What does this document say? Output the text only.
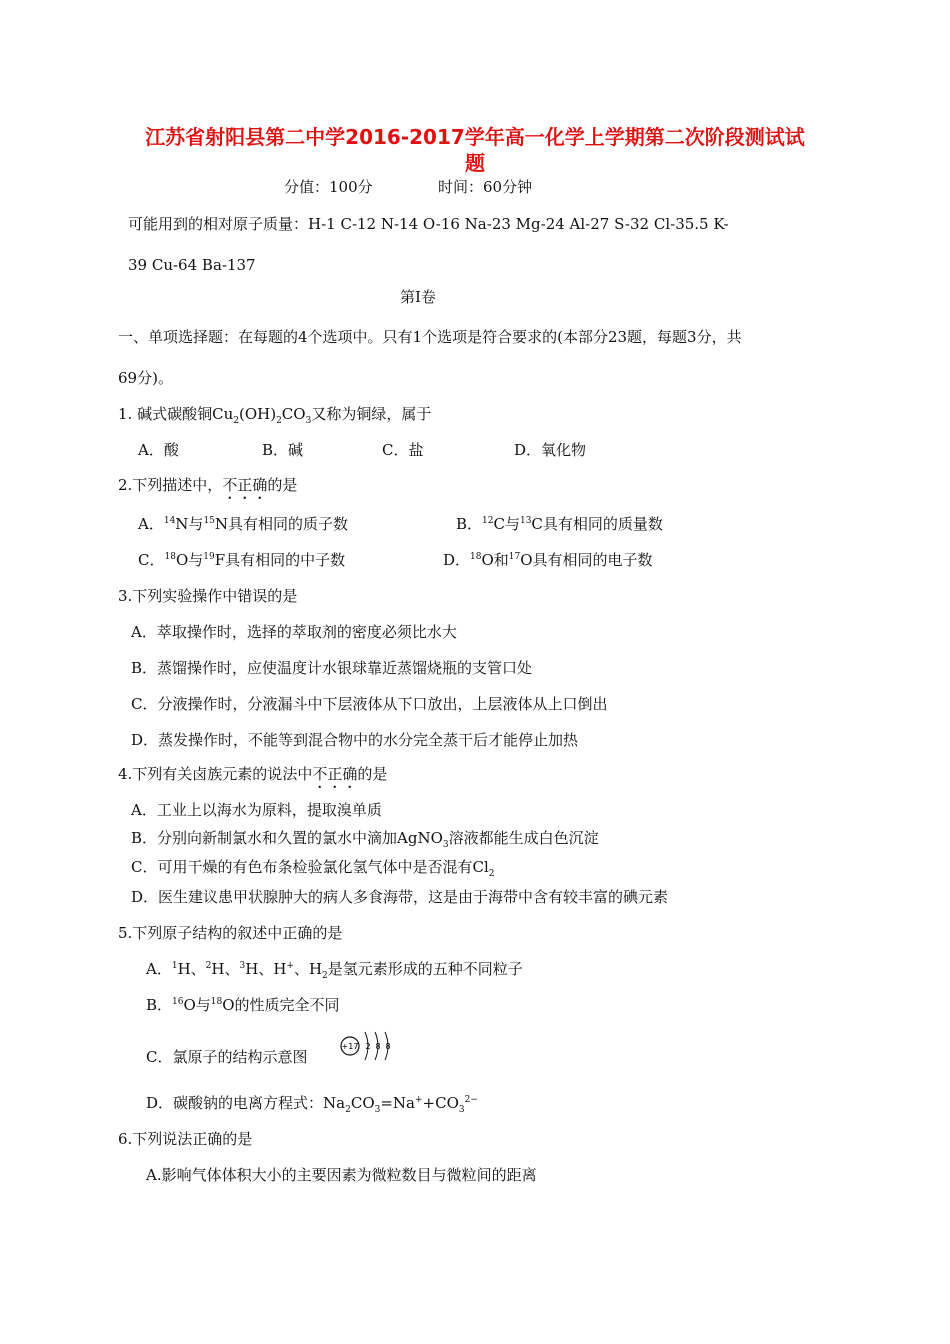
江苏省射阳县第二中学2016-2017学年高一化学上学期第二次阶段测试试
题
分值：100分	时间：60分钟
可能用到的相对原子质量：H-1 C-12 N-14 O-16 Na-23 Mg-24 Al-27 S-32 Cl-35.5 K-
39 Cu-64 Ba-137
第Ⅰ卷
一、单项选择题：在每题的4个选项中。只有1个选项是符合要求的(本部分23题，每题3分，共
69分)。
1. 碱式碳酸铜$Cu_2(OH)_2CO_3$又称为铜绿，属于
A．酸	B．碱	C．盐	D．氧化物
2.下列描述中，不正确的是
A．$^{14}$N与$^{15}$N具有相同的质子数	B．$^{12}$C与$^{13}$C具有相同的质量数
C．$^{18}$O与$^{19}$F具有相同的中子数	D．$^{18}$O和$^{17}$O具有相同的电子数
3.下列实验操作中错误的是
A．萃取操作时，选择的萃取剂的密度必须比水大
B．蒸馏操作时，应使温度计水银球靠近蒸馏烧瓶的支管口处
C．分液操作时，分液漏斗中下层液体从下口放出，上层液体从上口倒出
D．蒸发操作时，不能等到混合物中的水分完全蒸干后才能停止加热
4.下列有关卤族元素的说法中不正确的是
A．工业上以海水为原料，提取溴单质
B．分别向新制氯水和久置的氯水中滴加AgNO$_3$溶液都能生成白色沉淀
C．可用干燥的有色布条检验氯化氢气体中是否混有$Cl_2$
D．医生建议患甲状腺肿大的病人多食海带，这是由于海带中含有较丰富的碘元素
5.下列原子结构的叙述中正确的是
A．$^1$H、$^2$H、$^3$H、H+、$H_2$是氢元素形成的五种不同粒子
B．$^{16}$O与$^{18}$O的性质完全不同
C．氯原子的结构示意图
+17 2 8 8
D．碳酸钠的电离方程式：$Na_2CO_3=Na^++CO_3^{2-}$
6.下列说法正确的是
A.影响气体体积大小的主要因素为微粒数目与微粒间的距离
